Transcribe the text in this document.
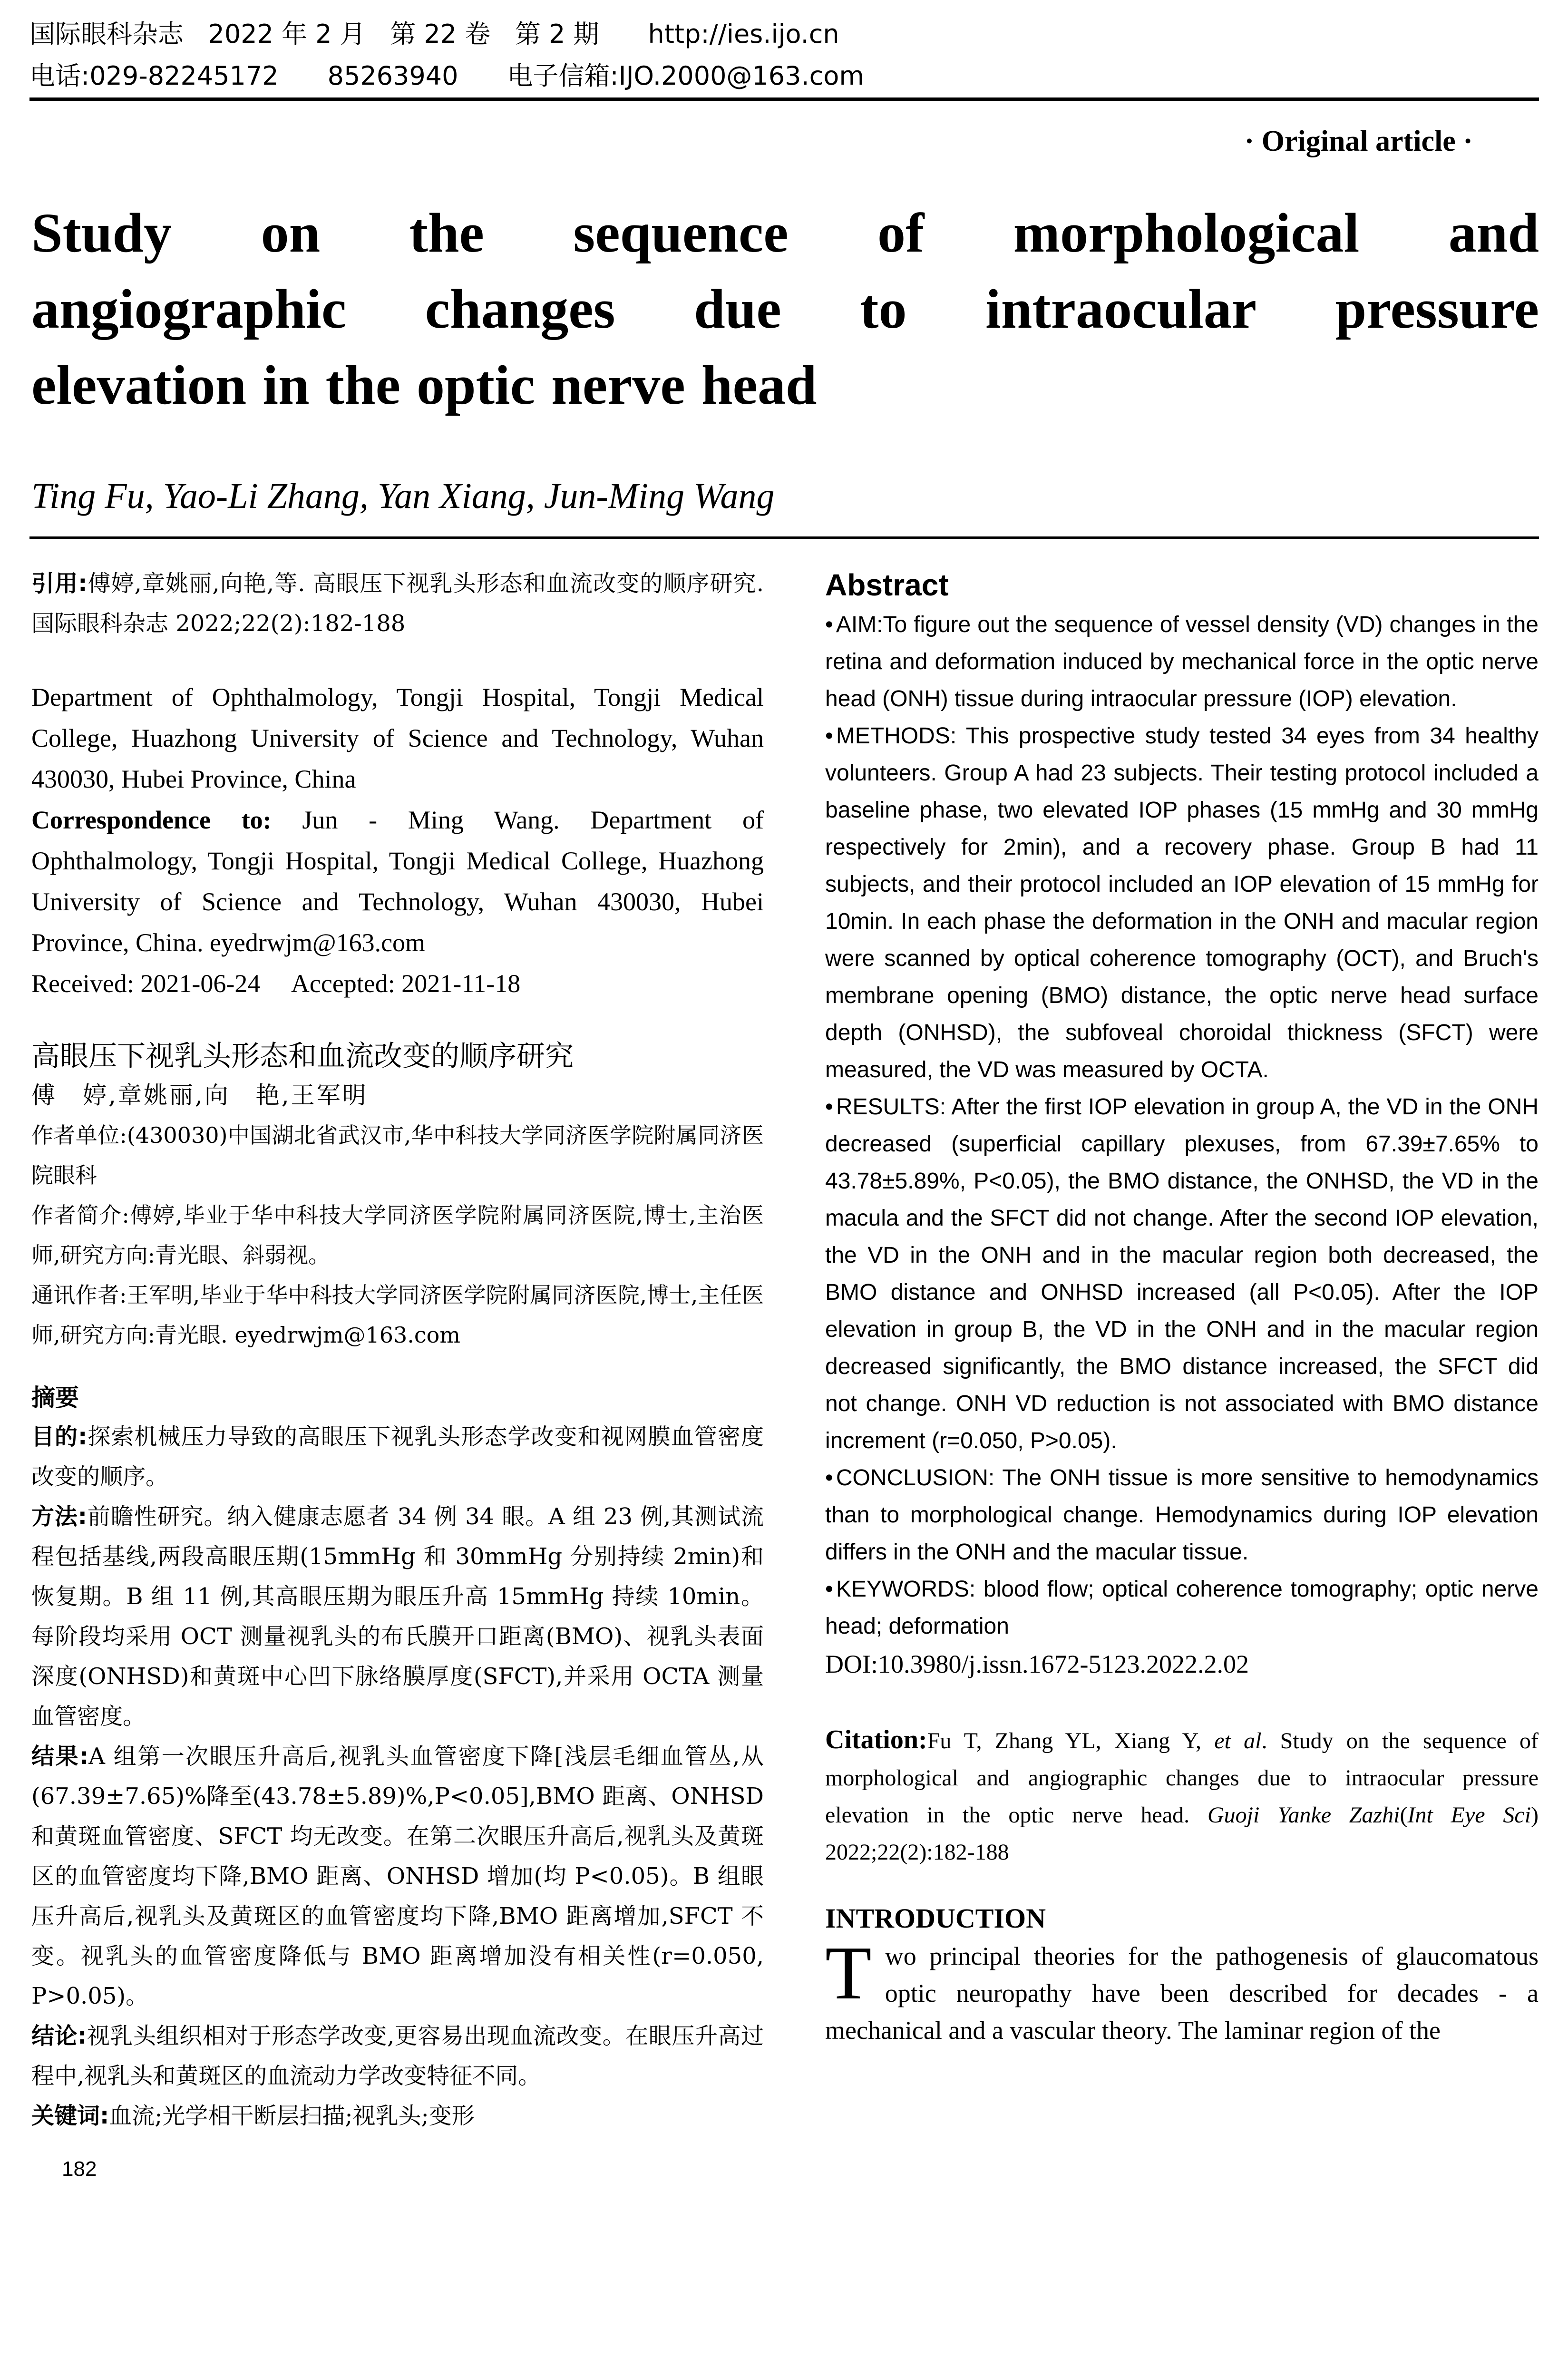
国际眼科杂志 2022 年 2 月 第 22 卷 第 2 期 http://ies.ijo.cn
电话:029-82245172 85263940 电子信箱:IJO.2000@163.com
· Original article ·
Study on the sequence of morphological and
angiographic changes due to intraocular pressure
elevation in the optic nerve head
Ting Fu, Yao-Li Zhang, Yan Xiang, Jun-Ming Wang
引用:傅婷,章姚丽,向艳,等. 高眼压下视乳头形态和血流改变的顺序研究. 国际眼科杂志 2022;22(2):182-188
Department of Ophthalmology, Tongji Hospital, Tongji Medical College, Huazhong University of Science and Technology, Wuhan 430030, Hubei Province, China
Correspondence to: Jun - Ming Wang. Department of Ophthalmology, Tongji Hospital, Tongji Medical College, Huazhong University of Science and Technology, Wuhan 430030, Hubei Province, China. eyedrwjm@163.com
Received: 2021-06-24 Accepted: 2021-11-18
高眼压下视乳头形态和血流改变的顺序研究
傅　婷,章姚丽,向　艳,王军明
作者单位:(430030)中国湖北省武汉市,华中科技大学同济医学院附属同济医院眼科
作者简介:傅婷,毕业于华中科技大学同济医学院附属同济医院,博士,主治医师,研究方向:青光眼、斜弱视。
通讯作者:王军明,毕业于华中科技大学同济医学院附属同济医院,博士,主任医师,研究方向:青光眼. eyedrwjm@163.com
摘要
目的:探索机械压力导致的高眼压下视乳头形态学改变和视网膜血管密度改变的顺序。
方法:前瞻性研究。纳入健康志愿者 34 例 34 眼。A 组 23 例,其测试流程包括基线,两段高眼压期(15mmHg 和 30mmHg 分别持续 2min)和恢复期。B 组 11 例,其高眼压期为眼压升高 15mmHg 持续 10min。每阶段均采用 OCT 测量视乳头的布氏膜开口距离(BMO)、视乳头表面深度(ONHSD)和黄斑中心凹下脉络膜厚度(SFCT),并采用 OCTA 测量血管密度。
结果:A 组第一次眼压升高后,视乳头血管密度下降[浅层毛细血管丛,从(67.39±7.65)%降至(43.78±5.89)%,P<0.05],BMO 距离、ONHSD 和黄斑血管密度、SFCT 均无改变。在第二次眼压升高后,视乳头及黄斑区的血管密度均下降,BMO 距离、ONHSD 增加(均 P<0.05)。B 组眼压升高后,视乳头及黄斑区的血管密度均下降,BMO 距离增加,SFCT 不变。视乳头的血管密度降低与 BMO 距离增加没有相关性(r=0.050, P>0.05)。
结论:视乳头组织相对于形态学改变,更容易出现血流改变。在眼压升高过程中,视乳头和黄斑区的血流动力学改变特征不同。
关键词:血流;光学相干断层扫描;视乳头;变形
182
Abstract
• AIM:To figure out the sequence of vessel density (VD) changes in the retina and deformation induced by mechanical force in the optic nerve head (ONH) tissue during intraocular pressure (IOP) elevation.
• METHODS: This prospective study tested 34 eyes from 34 healthy volunteers. Group A had 23 subjects. Their testing protocol included a baseline phase, two elevated IOP phases (15 mmHg and 30 mmHg respectively for 2min), and a recovery phase. Group B had 11 subjects, and their protocol included an IOP elevation of 15 mmHg for 10min. In each phase the deformation in the ONH and macular region were scanned by optical coherence tomography (OCT), and Bruch's membrane opening (BMO) distance, the optic nerve head surface depth (ONHSD), the subfoveal choroidal thickness (SFCT) were measured, the VD was measured by OCTA.
• RESULTS: After the first IOP elevation in group A, the VD in the ONH decreased (superficial capillary plexuses, from 67.39±7.65% to 43.78±5.89%, P<0.05), the BMO distance, the ONHSD, the VD in the macula and the SFCT did not change. After the second IOP elevation, the VD in the ONH and in the macular region both decreased, the BMO distance and ONHSD increased (all P<0.05). After the IOP elevation in group B, the VD in the ONH and in the macular region decreased significantly, the BMO distance increased, the SFCT did not change. ONH VD reduction is not associated with BMO distance increment (r=0.050, P>0.05).
• CONCLUSION: The ONH tissue is more sensitive to hemodynamics than to morphological change. Hemodynamics during IOP elevation differs in the ONH and the macular tissue.
• KEYWORDS: blood flow; optical coherence tomography; optic nerve head; deformation
DOI:10.3980/j.issn.1672-5123.2022.2.02
Citation:Fu T, Zhang YL, Xiang Y, et al. Study on the sequence of morphological and angiographic changes due to intraocular pressure elevation in the optic nerve head. Guoji Yanke Zazhi(Int Eye Sci) 2022;22(2):182-188
INTRODUCTION
Two principal theories for the pathogenesis of glaucomatous optic neuropathy have been described for decades - a mechanical and a vascular theory. The laminar region of the
